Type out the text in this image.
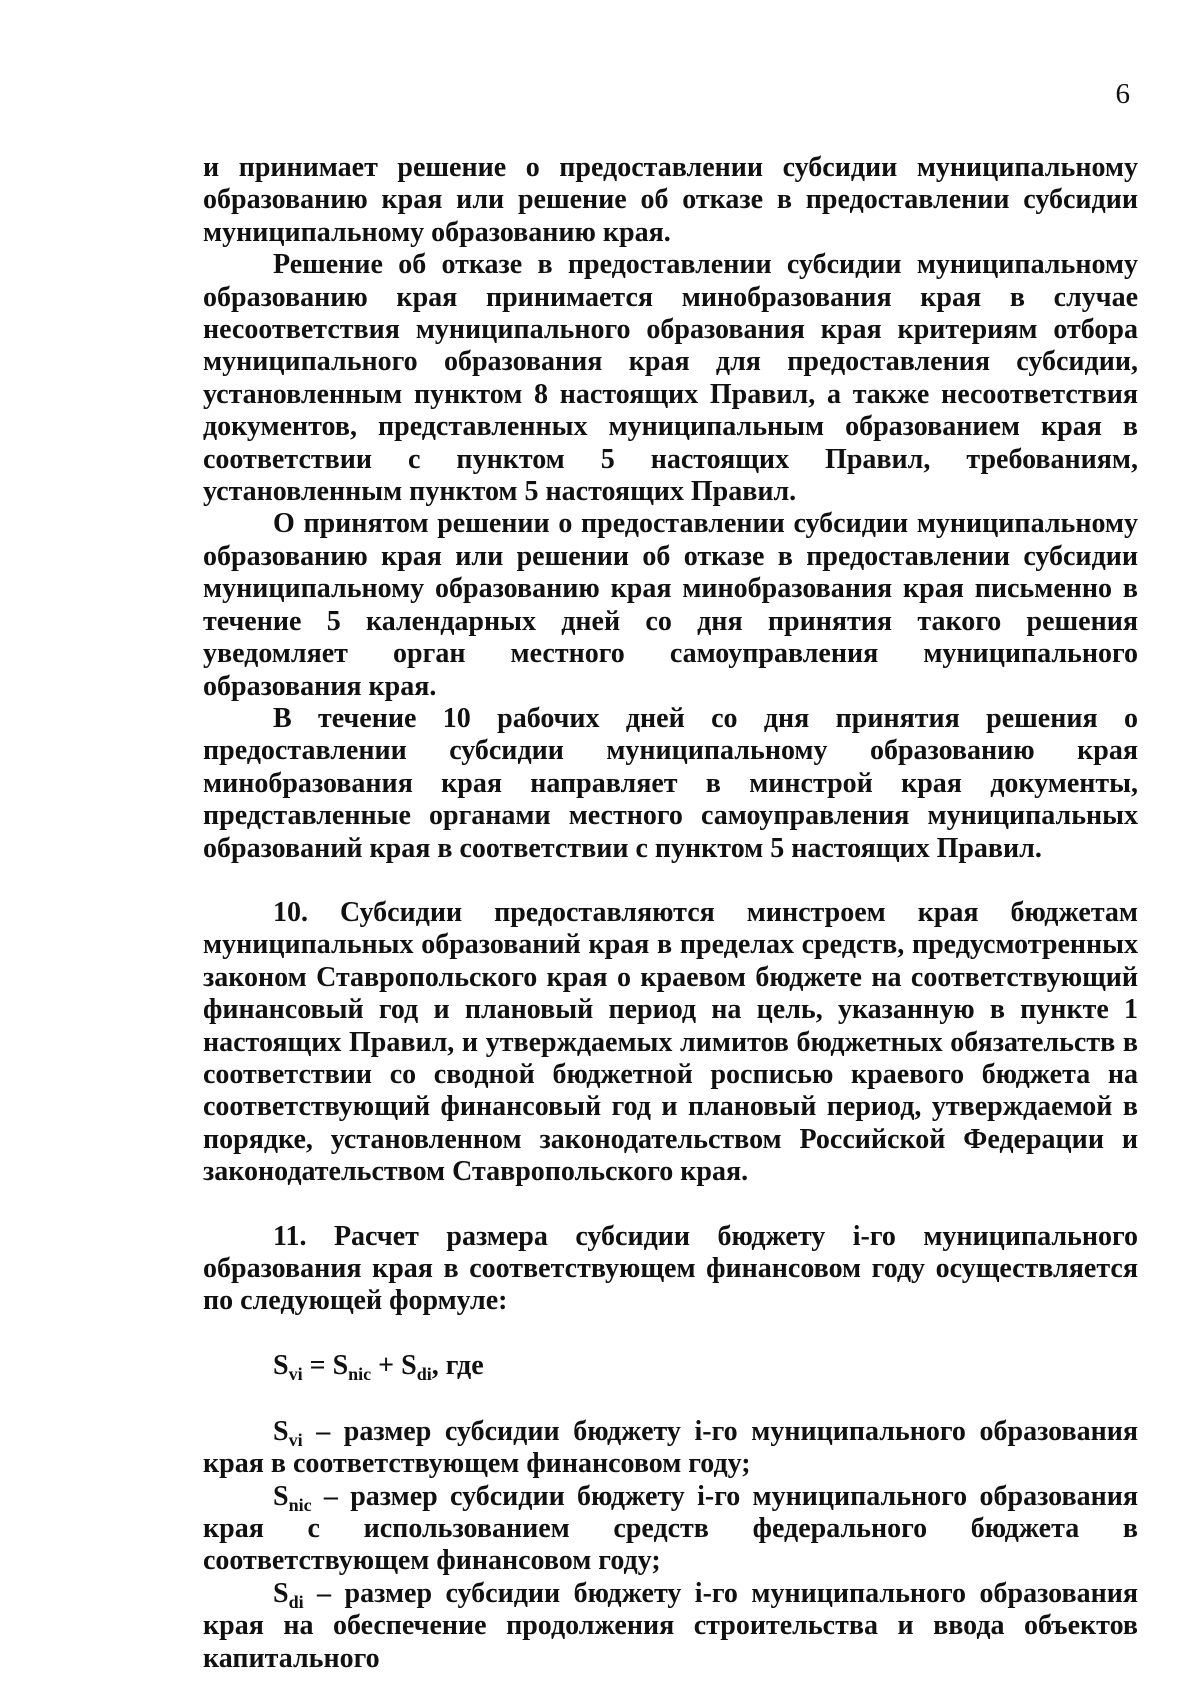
6

и принимает решение о предоставлении субсидии муниципальному образованию края или решение об отказе в предоставлении субсидии муниципальному образованию края.

Решение об отказе в предоставлении субсидии муниципальному образованию края принимается минобразования края в случае несоответствия муниципального образования края критериям отбора муниципального образования края для предоставления субсидии, установленным пунктом 8 настоящих Правил, а также несоответствия документов, представленных муниципальным образованием края в соответствии с пунктом 5 настоящих Правил, требованиям, установленным пунктом 5 настоящих Правил.

О принятом решении о предоставлении субсидии муниципальному образованию края или решении об отказе в предоставлении субсидии муниципальному образованию края минобразования края письменно в течение 5 календарных дней со дня принятия такого решения уведомляет орган местного самоуправления муниципального образования края.

В течение 10 рабочих дней со дня принятия решения о предоставлении субсидии муниципальному образованию края минобразования края направляет в минстрой края документы, представленные органами местного самоуправления муниципальных образований края в соответствии с пунктом 5 настоящих Правил.

10. Субсидии предоставляются минстроем края бюджетам муниципальных образований края в пределах средств, предусмотренных законом Ставропольского края о краевом бюджете на соответствующий финансовый год и плановый период на цель, указанную в пункте 1 настоящих Правил, и утверждаемых лимитов бюджетных обязательств в соответствии со сводной бюджетной росписью краевого бюджета на соответствующий финансовый год и плановый период, утверждаемой в порядке, установленном законодательством Российской Федерации и законодательством Ставропольского края.

11. Расчет размера субсидии бюджету i-го муниципального образования края в соответствующем финансовом году осуществляется по следующей формуле:

$S_{vi} = S_{nic} + S_{di}$, где

$S_{vi}$ – размер субсидии бюджету i-го муниципального образования края в соответствующем финансовом году;

$S_{nic}$ – размер субсидии бюджету i-го муниципального образования края с использованием средств федерального бюджета в соответствующем финансовом году;

$S_{di}$ – размер субсидии бюджету i-го муниципального образования края на обеспечение продолжения строительства и ввода объектов капитального
